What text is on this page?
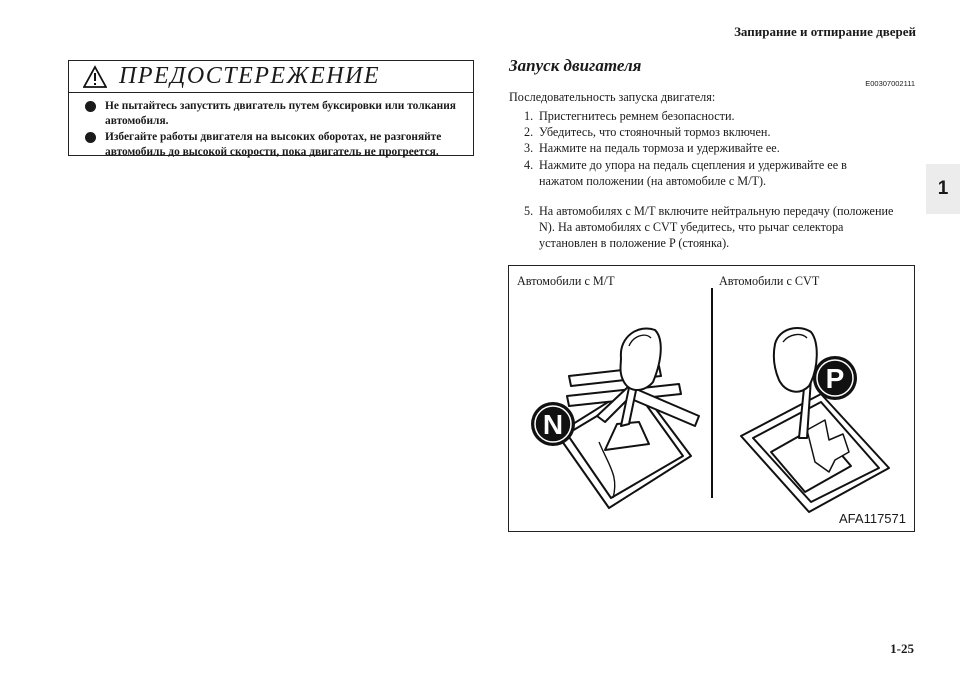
Запирание и отпирание дверей
1
ПРЕДОСТЕРЕЖЕНИЕ
Не пытайтесь запустить двигатель путем буксировки или толкания автомобиля.
Избегайте работы двигателя на высоких оборотах, не разгоняйте автомобиль до высокой скорости, пока двигатель не прогреется.
Запуск двигателя
E00307002111
Последовательность запуска двигателя:
1. Пристегнитесь ремнем безопасности.
2. Убедитесь, что стояночный тормоз включен.
3. Нажмите на педаль тормоза и удерживайте ее.
4. Нажмите до упора на педаль сцепления и удерживайте ее в нажатом положении (на автомобиле с M/T).
5. На автомобилях с M/T включите нейтральную передачу (положение N). На автомобилях с CVT убедитесь, что рычаг селектора установлен в положение P (стоянка).
Автомобили с M/T	Автомобили с CVT
N
P
AFA117571
1-25
